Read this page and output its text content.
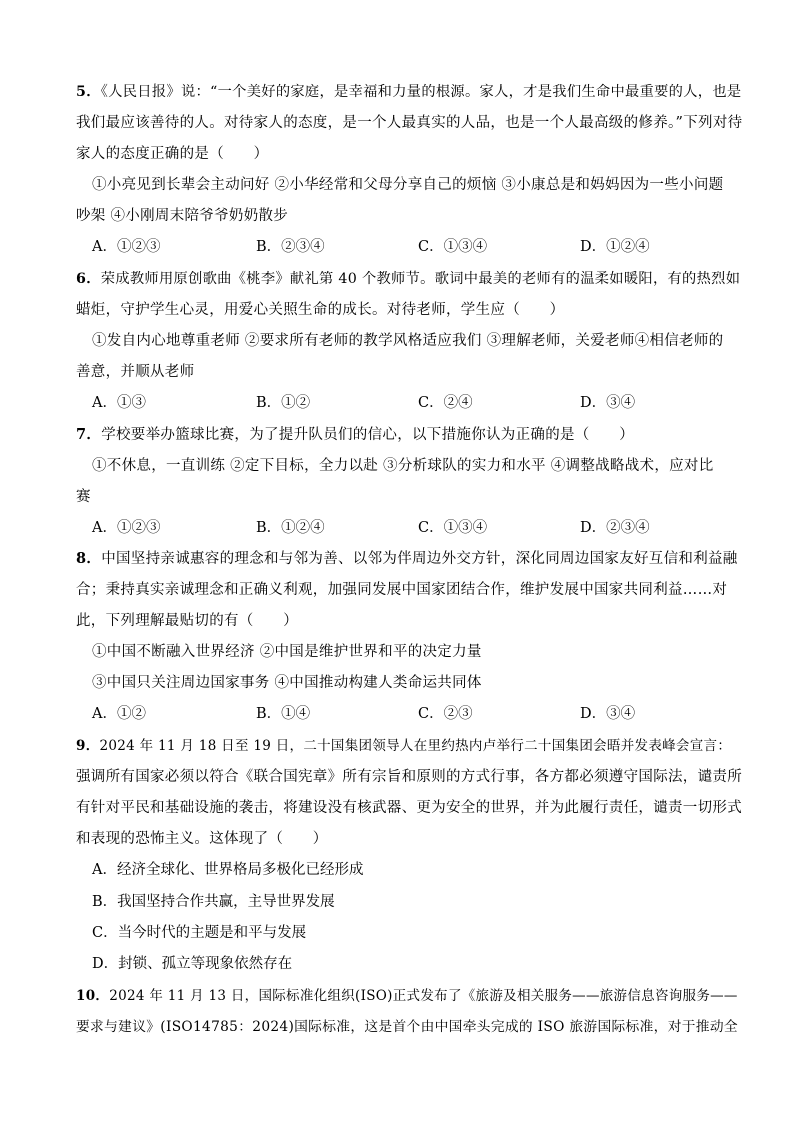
5．《人民日报》说：“一个美好的家庭，是幸福和力量的根源。家人，才是我们生命中最重要的人，也是
我们最应该善待的人。对待家人的态度，是一个人最真实的人品，也是一个人最高级的修养。”下列对待
家人的态度正确的是（　　）
①小亮见到长辈会主动问好 ②小华经常和父母分享自己的烦恼 ③小康总是和妈妈因为一些小问题
吵架 ④小刚周末陪爷爷奶奶散步
A．①②③	B．②③④	C．①③④	D．①②④
6．荣成教师用原创歌曲《桃李》献礼第 40 个教师节。歌词中最美的老师有的温柔如暖阳，有的热烈如
蜡炬，守护学生心灵，用爱心关照生命的成长。对待老师，学生应（　　）
①发自内心地尊重老师 ②要求所有老师的教学风格适应我们 ③理解老师，关爱老师④相信老师的
善意，并顺从老师
A．①③	B．①②	C．②④	D．③④
7．学校要举办篮球比赛，为了提升队员们的信心，以下措施你认为正确的是（　　）
①不休息，一直训练 ②定下目标，全力以赴 ③分析球队的实力和水平 ④调整战略战术，应对比
赛
A．①②③	B．①②④	C．①③④	D．②③④
8．中国坚持亲诚惠容的理念和与邻为善、以邻为伴周边外交方针，深化同周边国家友好互信和利益融
合；秉持真实亲诚理念和正确义利观，加强同发展中国家团结合作，维护发展中国家共同利益……对
此，下列理解最贴切的有（　　）
①中国不断融入世界经济 ②中国是维护世界和平的决定力量
③中国只关注周边国家事务 ④中国推动构建人类命运共同体
A．①②	B．①④	C．②③	D．③④
9．2024 年 11 月 18 日至 19 日，二十国集团领导人在里约热内卢举行二十国集团会晤并发表峰会宣言：
强调所有国家必须以符合《联合国宪章》所有宗旨和原则的方式行事，各方都必须遵守国际法，谴责所
有针对平民和基础设施的袭击，将建设没有核武器、更为安全的世界，并为此履行责任，谴责一切形式
和表现的恐怖主义。这体现了（　　）
A．经济全球化、世界格局多极化已经形成
B．我国坚持合作共赢，主导世界发展
C．当今时代的主题是和平与发展
D．封锁、孤立等现象依然存在
10．2024 年 11 月 13 日，国际标准化组织(ISO)正式发布了《旅游及相关服务——旅游信息咨询服务——
要求与建议》(ISO14785：2024)国际标准，这是首个由中国牵头完成的 ISO 旅游国际标准，对于推动全
